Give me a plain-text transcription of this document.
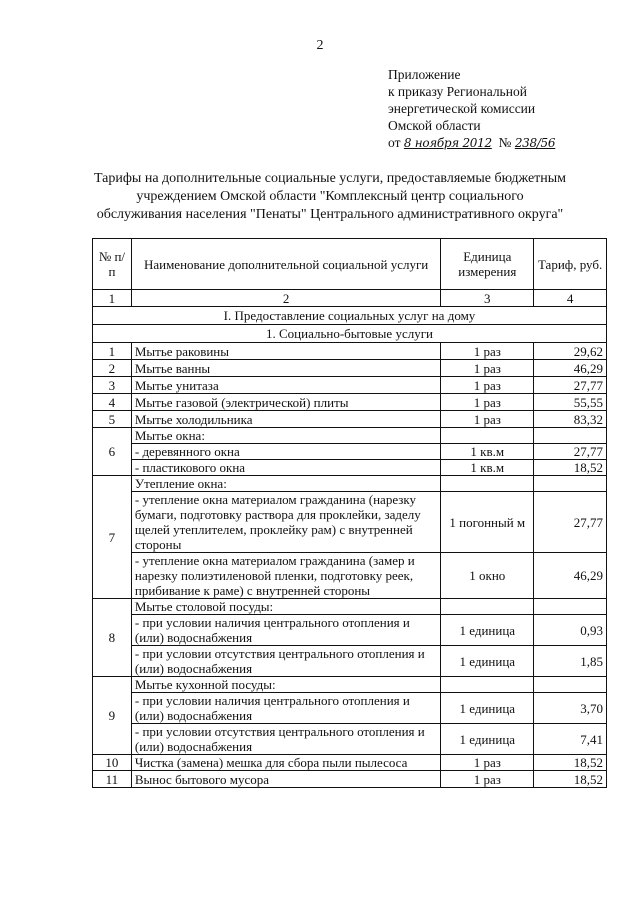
2
Приложение
к приказу Региональной
энергетической комиссии
Омской области
от 8 ноября 2012 № 238/56
Тарифы на дополнительные социальные услуги, предоставляемые бюджетным
учреждением Омской области "Комплексный центр социального
обслуживания населения "Пенаты" Центрального административного округа"
№ п/п	Наименование дополнительной социальной услуги	Единица измерения	Тариф, руб.
1	2	3	4
I. Предоставление социальных услуг на дому			
1. Социально-бытовые услуги			
1	Мытье раковины	1 раз	29,62
2	Мытье ванны	1 раз	46,29
3	Мытье унитаза	1 раз	27,77
4	Мытье газовой (электрической) плиты	1 раз	55,55
5	Мытье холодильника	1 раз	83,32
6	Мытье окна:		
	- деревянного окна	1 кв.м	27,77
	- пластикового окна	1 кв.м	18,52
7	Утепление окна:		
	- утепление окна материалом гражданина (нарезку бумаги, подготовку раствора для проклейки, заделу щелей утеплителем, проклейку рам) с внутренней стороны	1 погонный м	27,77
	- утепление окна материалом гражданина (замер и нарезку полиэтиленовой пленки, подготовку реек, прибивание к раме) с внутренней стороны	1 окно	46,29
8	Мытье столовой посуды:		
	- при условии наличия центрального отопления и (или) водоснабжения	1 единица	0,93
	- при условии отсутствия центрального отопления и (или) водоснабжения	1 единица	1,85
9	Мытье кухонной посуды:		
	- при условии наличия центрального отопления и (или) водоснабжения	1 единица	3,70
	- при условии отсутствия центрального отопления и (или) водоснабжения	1 единица	7,41
10	Чистка (замена) мешка для сбора пыли пылесоса	1 раз	18,52
11	Вынос бытового мусора	1 раз	18,52
